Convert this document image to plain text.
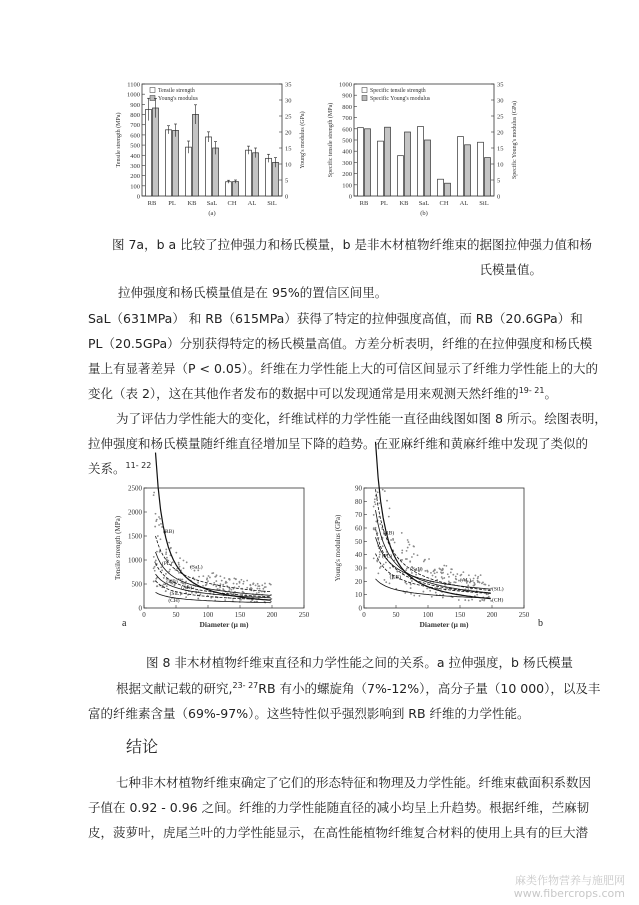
0
100
200
300
400
500
600
700
800
900
1000
1100
0
5
10
15
20
25
30
35
Tensile strength (MPa)	Young's modulus (GPa)
Tensile strength
Young's modulus
RB PL KB SaL CH AL SiL
(a)
0
100
200
300
400
500
600
700
800
900
1000
0
5
10
15
20
25
30
35
Specific tensile strength (MPa)	Specific Young's modulus (GPa)
Specific tensile strength
Specific Young's modulus
RB PL KB SaL CH AL SiL
(b)
图 7a，b a 比较了拉伸强力和杨氏模量，b 是非木材植物纤维束的据图拉伸强力值和杨
氏模量值。
拉伸强度和杨氏模量值是在 95%的置信区间里。
SaL（631MPa） 和 RB（615MPa）获得了特定的拉伸强度高值，而 RB（20.6GPa）和
PL（20.5GPa）分别获得特定的杨氏模量高值。方差分析表明，纤维的在拉伸强度和杨氏模
量上有显著差异（P < 0.05）。纤维在力学性能上大的可信区间显示了纤维力学性能上的大的
变化（表 2），这在其他作者发布的数据中可以发现通常是用来观测天然纤维的$^{19- 21}$。
为了评估力学性能大的变化，纤维试样的力学性能一直径曲线图如图 8 所示。绘图表明，
拉伸强度和杨氏模量随纤维直径增加呈下降的趋势。在亚麻纤维和黄麻纤维中发现了类似的
关系。$^{11- 22}$
0	50	100	150	200	250
0
500
1000
1500
2000
2500
Tensile strength (MPa)
Diameter (μ m)
a
(RB)
(SaL)
(PL)
(KB)
(AL)
(SiL)
(CH)
0	50	100	150	200	250
0
10
20
30
40
50
60
70
80
90
Young's modulus (GPa)
Diameter (μ m)	b
(RB)
(SaL)
(PL)
(KB)	(AL)
(SiL)
(CH)
图 8 非木材植物纤维束直径和力学性能之间的关系。a 拉伸强度，b 杨氏模量
根据文献记载的研究,$^{23- 27}$RB 有小的螺旋角（7%-12%），高分子量（10 000），以及丰
富的纤维素含量（69%-97%）。这些特性似乎强烈影响到 RB 纤维的力学性能。
结论
七种非木材植物纤维束确定了它们的形态特征和物理及力学性能。纤维束截面积系数因
子值在 0.92 - 0.96 之间。纤维的力学性能随直径的减小均呈上升趋势。根据纤维，苎麻韧
皮，菠萝叶，虎尾兰叶的力学性能显示，在高性能植物纤维复合材料的使用上具有的巨大潜
麻类作物营养与施肥网
www.fibercrops.com
